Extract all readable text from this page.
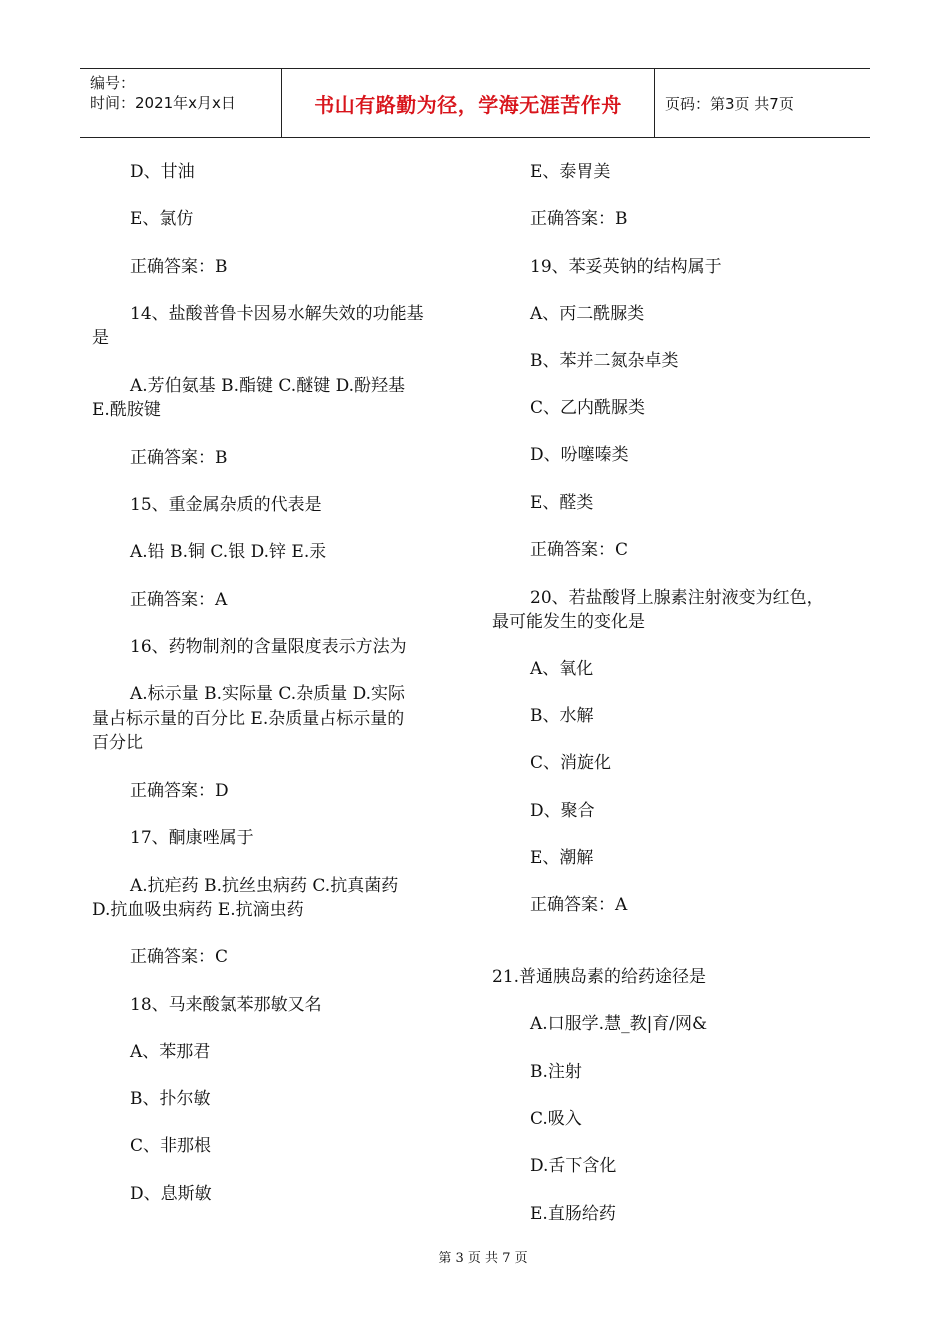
编号：
时间：2021年x月x日	书山有路勤为径，学海无涯苦作舟	页码：第3页 共7页
D、甘油
E、氯仿
正确答案：B
14、盐酸普鲁卡因易水解失效的功能基
是
A.芳伯氨基 B.酯键 C.醚键 D.酚羟基
E.酰胺键
正确答案：B
15、重金属杂质的代表是
A.铅 B.铜 C.银 D.锌 E.汞
正确答案：A
16、药物制剂的含量限度表示方法为
A.标示量 B.实际量 C.杂质量 D.实际
量占标示量的百分比 E.杂质量占标示量的
百分比
正确答案：D
17、酮康唑属于
A.抗疟药 B.抗丝虫病药 C.抗真菌药
D.抗血吸虫病药 E.抗滴虫药
正确答案：C
18、马来酸氯苯那敏又名
A、苯那君
B、扑尔敏
C、非那根
D、息斯敏
E、泰胃美
正确答案：B
19、苯妥英钠的结构属于
A、丙二酰脲类
B、苯并二氮杂卓类
C、乙内酰脲类
D、吩噻嗪类
E、醛类
正确答案：C
20、若盐酸肾上腺素注射液变为红色，
最可能发生的变化是
A、氧化
B、水解
C、消旋化
D、聚合
E、潮解
正确答案：A
21.普通胰岛素的给药途径是
A.口服学.慧_教|育/网&
B.注射
C.吸入
D.舌下含化
E.直肠给药
第 3 页 共 7 页
